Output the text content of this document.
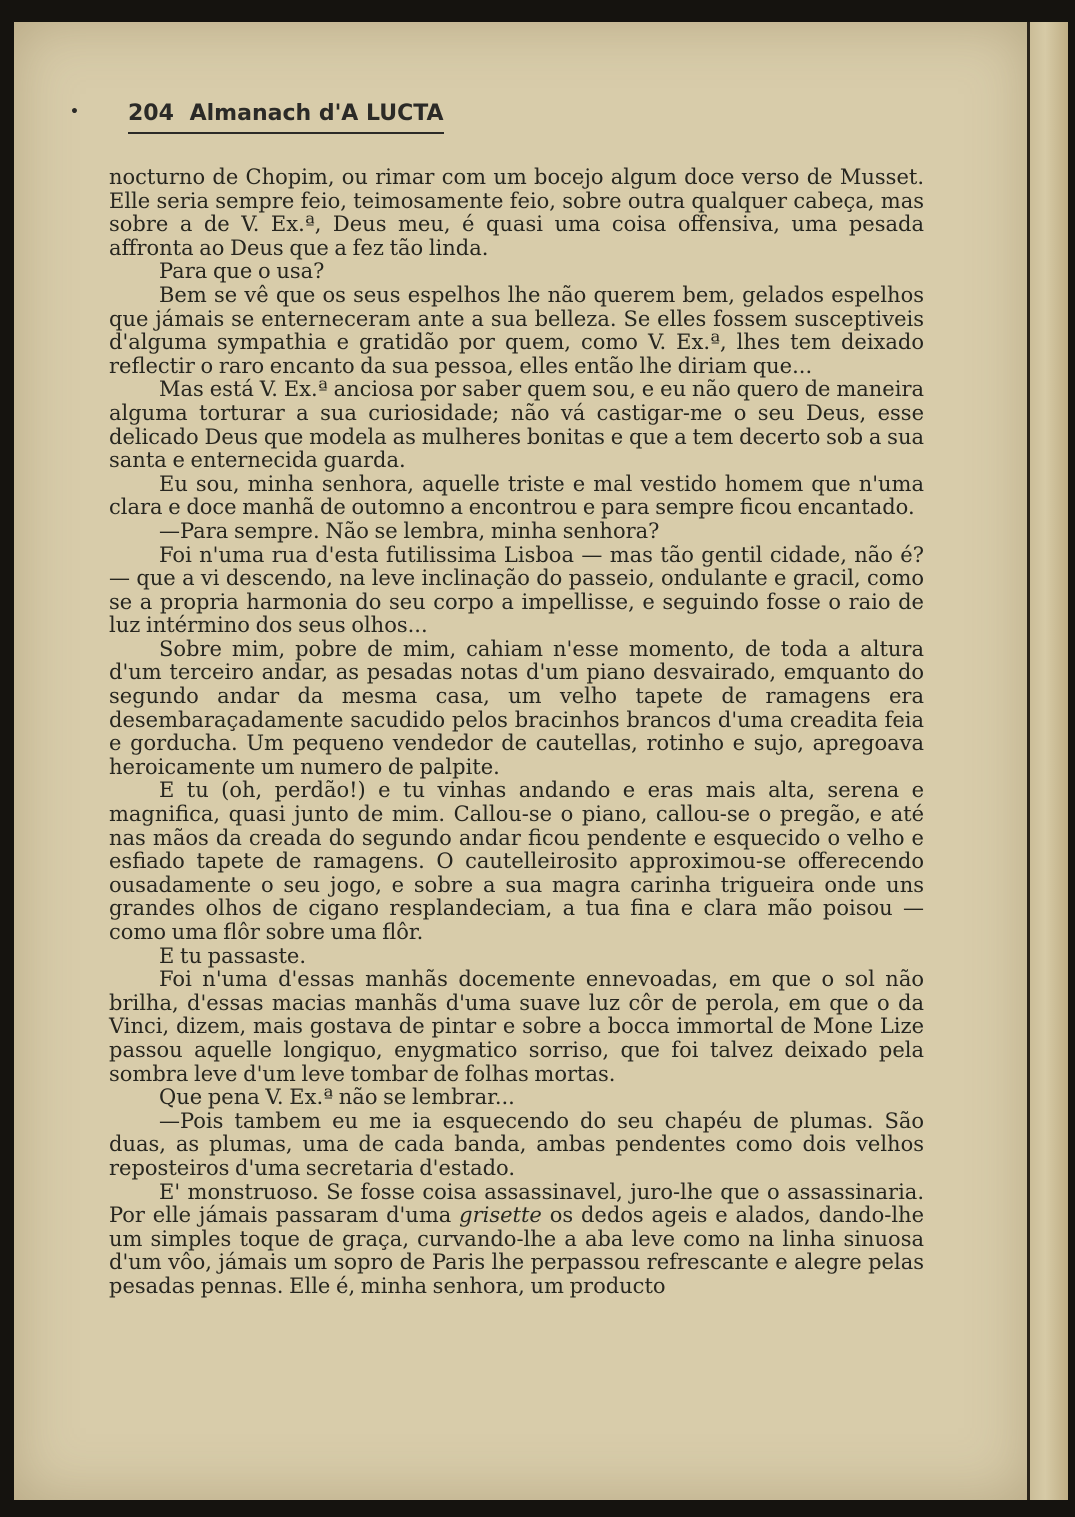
• 204 Almanach d'A LUCTA

nocturno de Chopim, ou rimar com um bocejo algum doce verso de Musset. Elle seria sempre feio, teimosamente feio, sobre outra qualquer cabeça, mas sobre a de V. Ex.ª, Deus meu, é quasi uma coisa offensiva, uma pesada affronta ao Deus que a fez tão linda.

Para que o usa?

Bem se vê que os seus espelhos lhe não querem bem, gelados espelhos que jámais se enterneceram ante a sua belleza. Se elles fossem susceptiveis d'alguma sympathia e gratidão por quem, como V. Ex.ª, lhes tem deixado reflectir o raro encanto da sua pessoa, elles então lhe diriam que...

Mas está V. Ex.ª anciosa por saber quem sou, e eu não quero de maneira alguma torturar a sua curiosidade; não vá castigar-me o seu Deus, esse delicado Deus que modela as mulheres bonitas e que a tem decerto sob a sua santa e enternecida guarda.

Eu sou, minha senhora, aquelle triste e mal vestido homem que n'uma clara e doce manhã de outomno a encontrou e para sempre ficou encantado.

—Para sempre. Não se lembra, minha senhora?

Foi n'uma rua d'esta futilissima Lisboa — mas tão gentil cidade, não é? — que a vi descendo, na leve inclinação do passeio, ondulante e gracil, como se a propria harmonia do seu corpo a impellisse, e seguindo fosse o raio de luz intérmino dos seus olhos...

Sobre mim, pobre de mim, cahiam n'esse momento, de toda a altura d'um terceiro andar, as pesadas notas d'um piano desvairado, emquanto do segundo andar da mesma casa, um velho tapete de ramagens era desembaraçadamente sacudido pelos bracinhos brancos d'uma creadita feia e gorducha. Um pequeno vendedor de cautellas, rotinho e sujo, apregoava heroicamente um numero de palpite.

E tu (oh, perdão!) e tu vinhas andando e eras mais alta, serena e magnifica, quasi junto de mim. Callou-se o piano, callou-se o pregão, e até nas mãos da creada do segundo andar ficou pendente e esquecido o velho e esfiado tapete de ramagens. O cautelleirosito approximou-se offerecendo ousadamente o seu jogo, e sobre a sua magra carinha trigueira onde uns grandes olhos de cigano resplandeciam, a tua fina e clara mão poisou — como uma flôr sobre uma flôr.

E tu passaste.

Foi n'uma d'essas manhãs docemente ennevoadas, em que o sol não brilha, d'essas macias manhãs d'uma suave luz côr de perola, em que o da Vinci, dizem, mais gostava de pintar e sobre a bocca immortal de Mone Lize passou aquelle longiquo, enygmatico sorriso, que foi talvez deixado pela sombra leve d'um leve tombar de folhas mortas.

Que pena V. Ex.ª não se lembrar...

—Pois tambem eu me ia esquecendo do seu chapéu de plumas. São duas, as plumas, uma de cada banda, ambas pendentes como dois velhos reposteiros d'uma secretaria d'estado.

E' monstruoso. Se fosse coisa assassinavel, juro-lhe que o assassinaria. Por elle jámais passaram d'uma grisette os dedos ageis e alados, dando-lhe um simples toque de graça, curvando-lhe a aba leve como na linha sinuosa d'um vôo, jámais um sopro de Paris lhe perpassou refrescante e alegre pelas pesadas pennas. Elle é, minha senhora, um producto
